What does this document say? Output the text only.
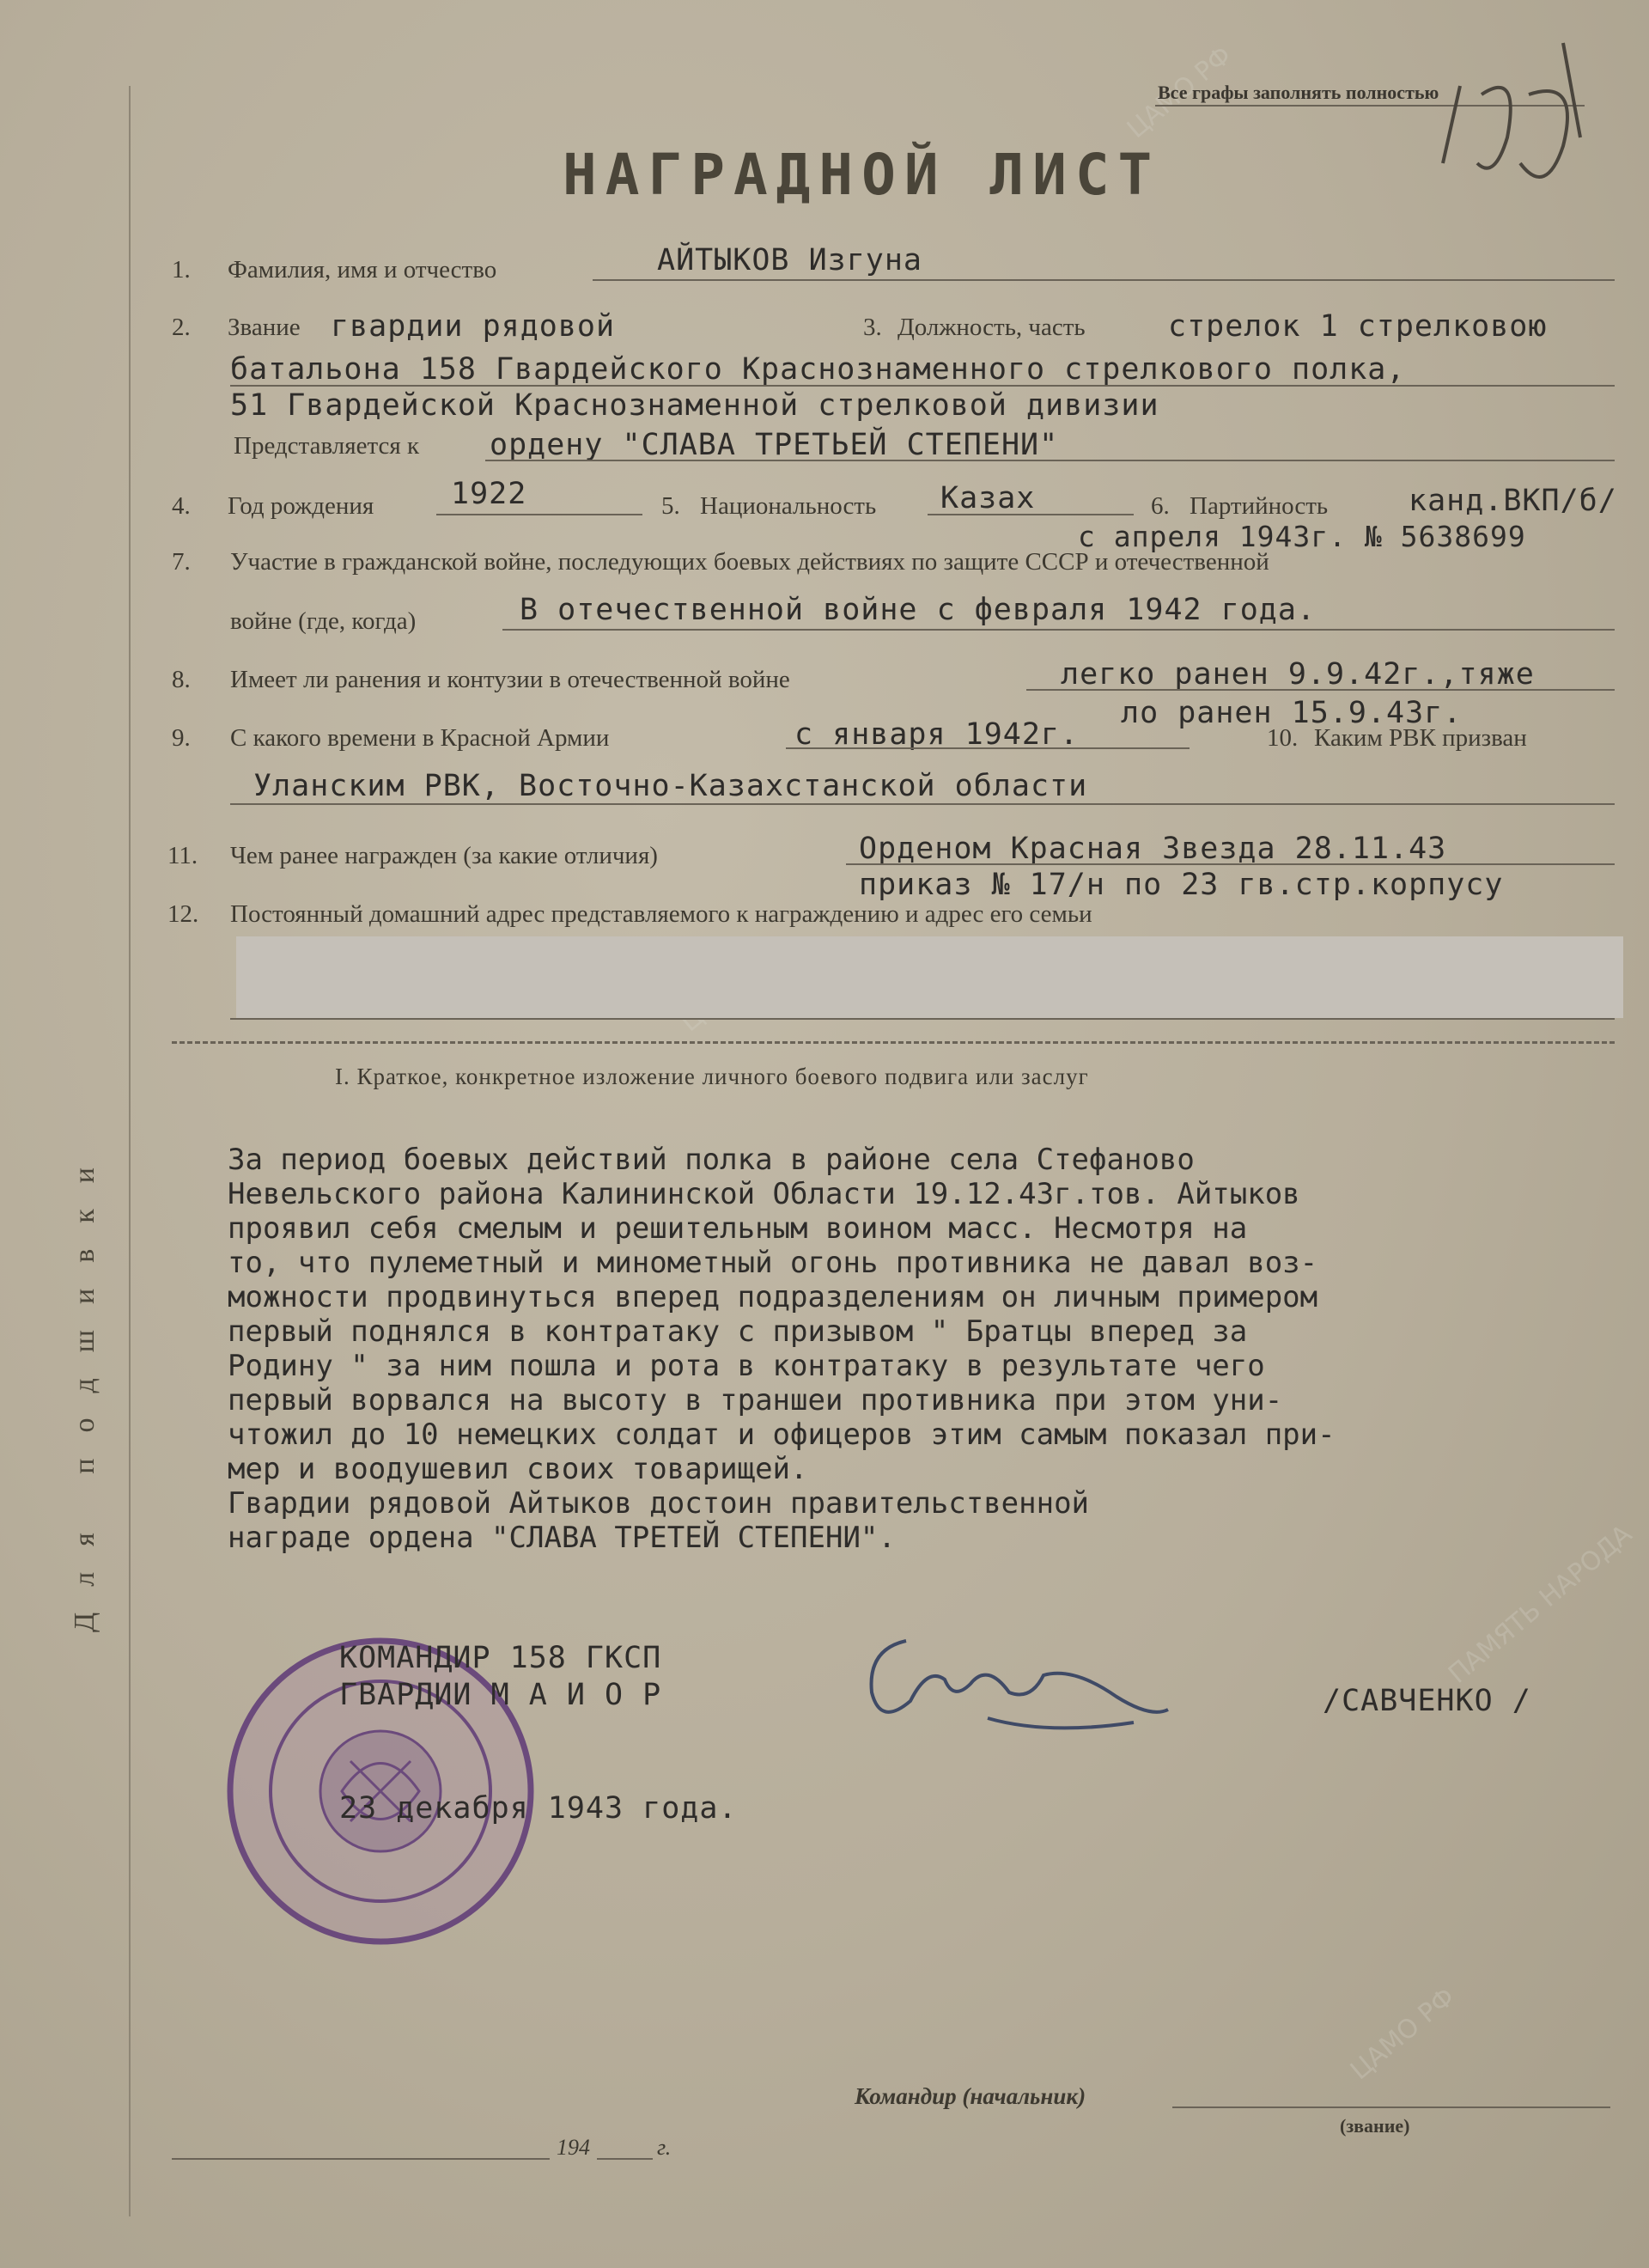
ЦАМО РФ
ЦАМО РФ
ПАМЯТЬ НАРОДА
Для подшивки
Все графы заполнять полностью
НАГРАДНОЙ ЛИСТ
1. Фамилия, имя и отчество	АЙТЫКОВ Изгуна
2. Звание гвардии рядовой	3. Должность, часть	стрелок 1 стрелковою
батальона 158 Гвардейского Краснознаменного стрелкового полка,
51 Гвардейской Краснознаменной стрелковой дивизии
Представляется к ордену "СЛАВА ТРЕТЬЕЙ СТЕПЕНИ"
4. Год рождения	1922	5. Национальность Казах	6. Партийность	канд.ВКП/б/
с апреля 1943г. № 5638699
7. Участие в гражданской войне, последующих боевых действиях по защите СССР и отечественной
войне (где, когда)	В отечественной войне с февраля 1942 года.
8. Имеет ли ранения и контузии в отечественной войне	легко ранен 9.9.42г.,тяже
ло ранен 15.9.43г.
9. С какого времени в Красной Армии	с января 1942г.	10. Каким РВК призван
Уланским РВК, Восточно-Казахстанской области
11. Чем ранее награжден (за какие отличия)	Орденом Красная Звезда 28.11.43
приказ № 17/н по 23 гв.стр.корпусу
12. Постоянный домашний адрес представляемого к награждению и адрес его семьи
I. Краткое, конкретное изложение личного боевого подвига или заслуг
За период боевых действий полка в районе села Стефаново
Невельского района Калининской Области 19.12.43г.тов. Айтыков
проявил себя смелым и решительным воином масс. Несмотря на
то, что пулеметный и минометный огонь противника не давал воз-
можности продвинуться вперед подразделениям он личным примером
первый поднялся в контратаку с призывом " Братцы вперед за
Родину " за ним пошла и рота в контратаку в результате чего
первый ворвался на высоту в траншеи противника при этом уни-
чтожил до 10 немецких солдат и офицеров этим самым показал при-
мер и воодушевил своих товарищей.
Гвардии рядовой Айтыков достоин правительственной
награде ордена "СЛАВА ТРЕТЕЙ СТЕПЕНИ".
КОМАНДИР 158 ГКСП
ГВАРДИИ М А И О Р	/САВЧЕНКО /
23 декабря 1943 года.
Командир (начальник)
(звание)
194	г.
